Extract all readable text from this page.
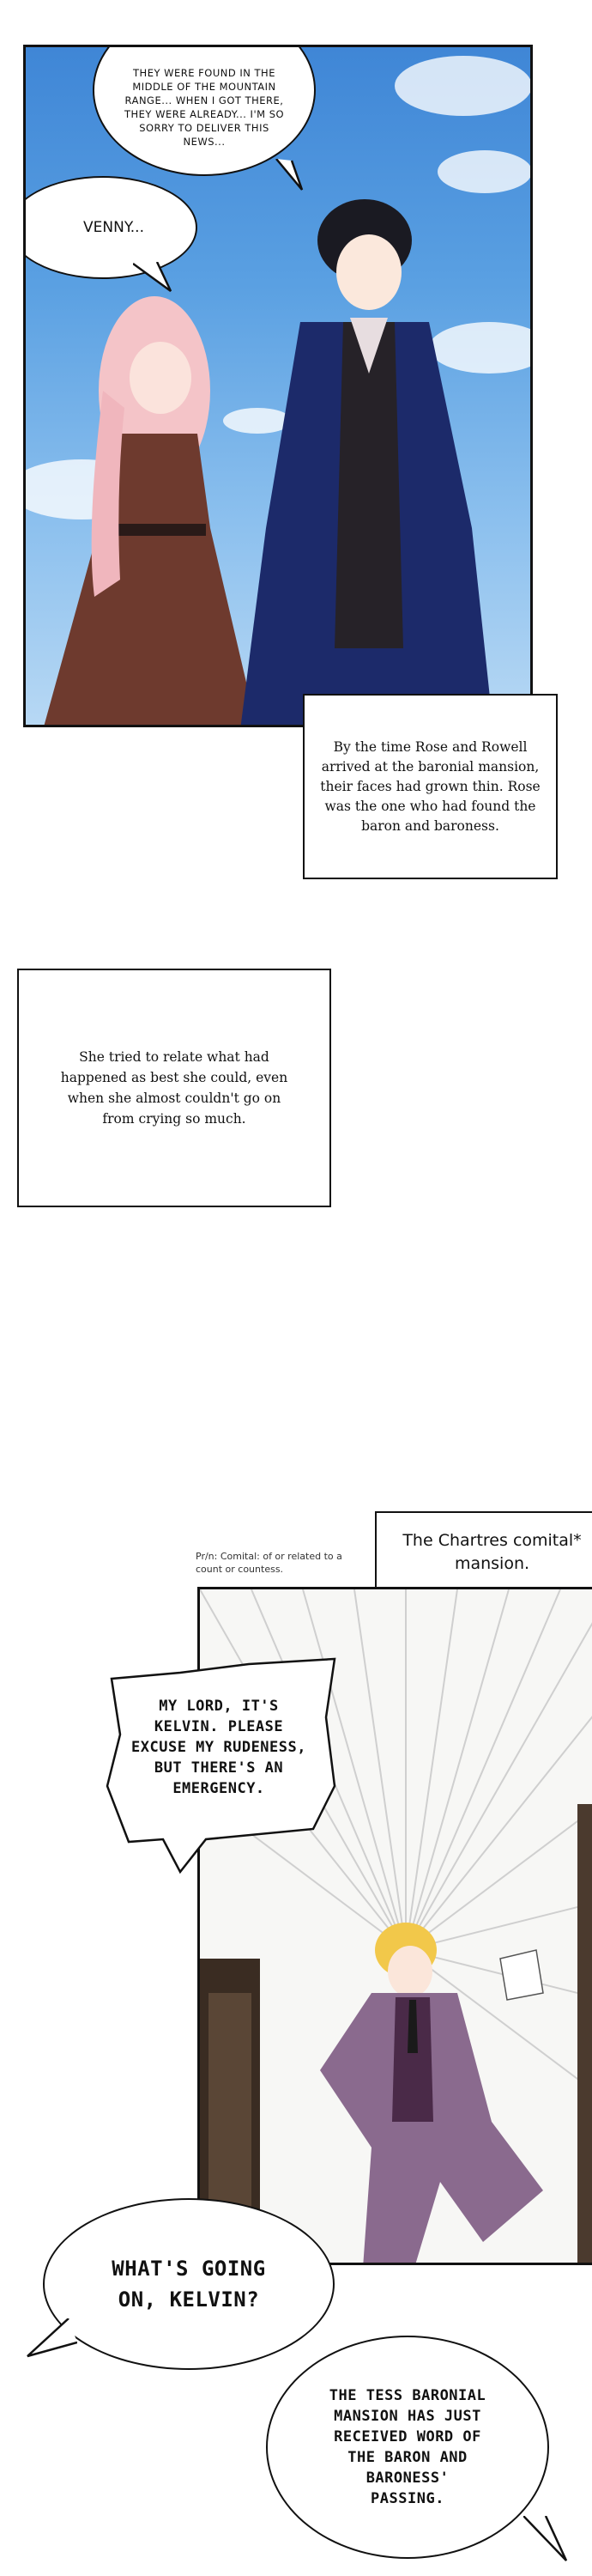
THEY WERE FOUND IN THE MIDDLE OF THE MOUNTAIN RANGE... WHEN I GOT THERE, THEY WERE ALREADY... I'M SO SORRY TO DELIVER THIS NEWS...
VENNY...
By the time Rose and Rowell arrived at the baronial mansion, their faces had grown thin. Rose was the one who had found the baron and baroness.
She tried to relate what had happened as best she could, even when she almost couldn't go on from crying so much.
Pr/n: Comital: of or related to a count or countess.
The Chartres comital* mansion.
MY LORD, IT'S KELVIN. PLEASE EXCUSE MY RUDENESS, BUT THERE'S AN EMERGENCY.
WHAT'S GOING ON, KELVIN?
THE TESS BARONIAL MANSION HAS JUST RECEIVED WORD OF THE BARON AND BARONESS' PASSING.
